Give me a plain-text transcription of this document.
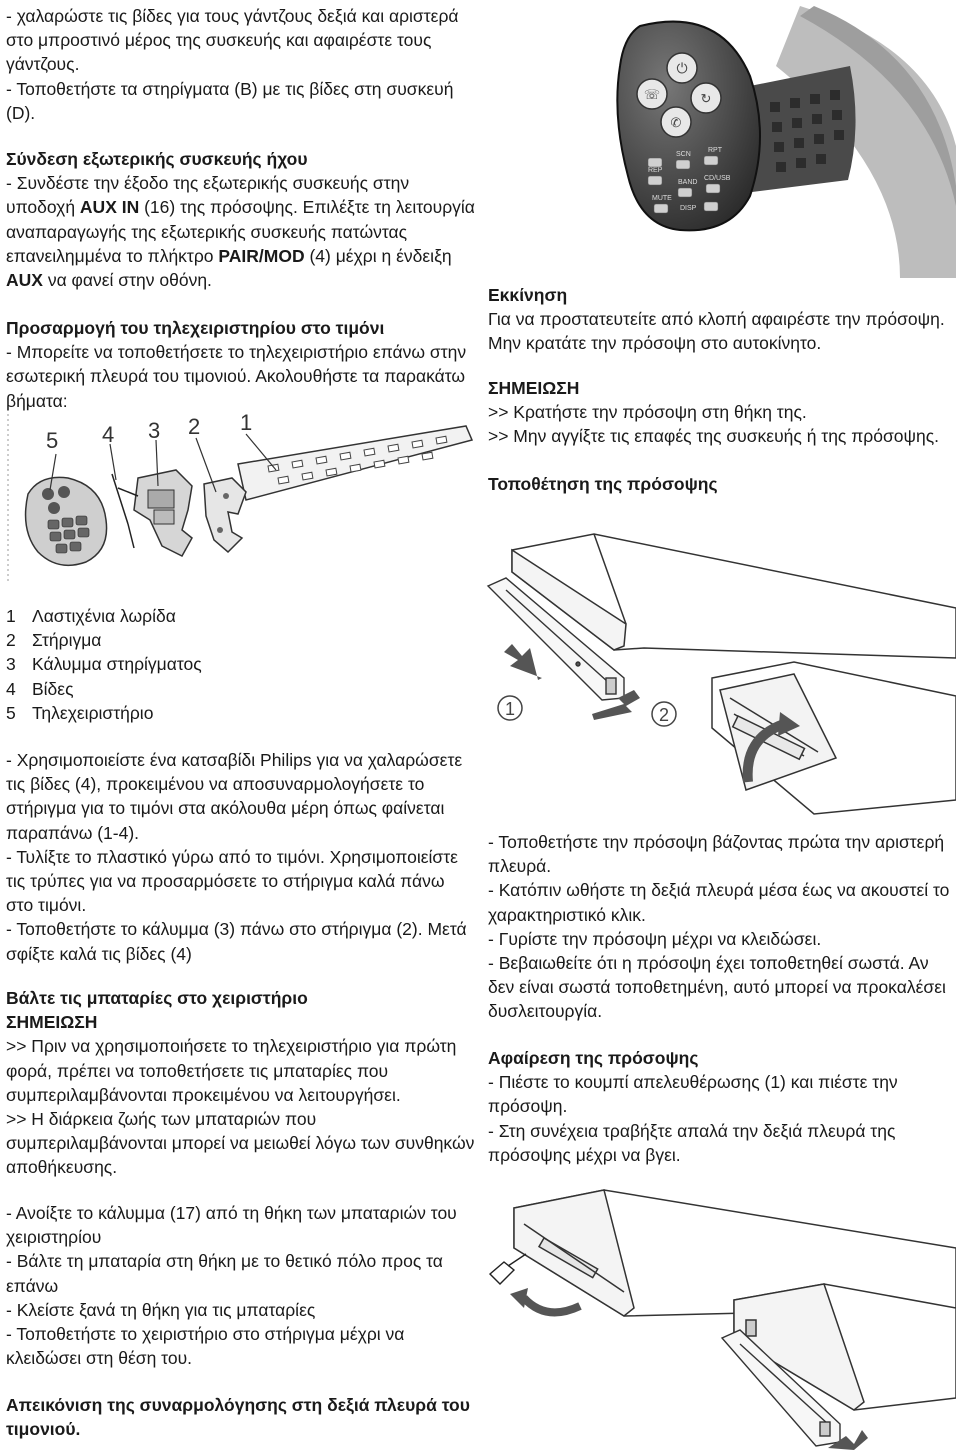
- χαλαρώστε τις βίδες για τους γάντζους δεξιά και αριστερά
στο μπροστινό μέρος της συσκευής και αφαιρέστε τους
γάντζους.
- Τοποθετήστε τα στηρίγματα (B) με τις βίδες στη συσκευή
(D).
Σύνδεση εξωτερικής συσκευής ήχου
- Συνδέστε την έξοδο της εξωτερικής συσκευής στην
υποδοχή AUX IN (16) της πρόσοψης. Επιλέξτε τη λειτουργία
αναπαραγωγής της εξωτερικής συσκευής πατώντας
επανειλημμένα το πλήκτρο PAIR/MOD (4) μέχρι η ένδειξη
AUX να φανεί στην οθόνη.
Προσαρμογή του τηλεχειριστηρίου στο τιμόνι
- Μπορείτε να τοποθετήσετε το τηλεχειριστήριο επάνω στην
εσωτερική πλευρά του τιμονιού. Ακολουθήστε τα παρακάτω
βήματα:
5 4 3 2 1
1 Λαστιχένια λωρίδα
2 Στήριγμα
3 Κάλυμμα στηρίγματος
4 Βίδες
5 Τηλεχειριστήριο
- Χρησιμοποιείστε ένα κατσαβίδι Philips για να χαλαρώσετε
τις βίδες (4), προκειμένου να αποσυναρμολογήσετε το
στήριγμα για το τιμόνι στα ακόλουθα μέρη όπως φαίνεται
παραπάνω (1-4).
- Τυλίξτε το πλαστικό γύρω από το τιμόνι. Χρησιμοποιείστε
τις τρύπες για να προσαρμόσετε το στήριγμα καλά πάνω
στο τιμόνι.
- Τοποθετήστε το κάλυμμα (3) πάνω στο στήριγμα (2). Μετά
σφίξτε καλά τις βίδες (4)
Βάλτε τις μπαταρίες στο χειριστήριο
ΣΗΜΕΙΩΣΗ
>> Πριν να χρησιμοποιήσετε το τηλεχειριστήριο για πρώτη
φορά, πρέπει να τοποθετήσετε τις μπαταρίες που
συμπεριλαμβάνονται προκειμένου να λειτουργήσει.
>> Η διάρκεια ζωής των μπαταριών που
συμπεριλαμβάνονται μπορεί να μειωθεί λόγω των συνθηκών
αποθήκευσης.
- Ανοίξτε το κάλυμμα (17) από τη θήκη των μπαταριών του
χειριστηρίου
- Βάλτε τη μπαταρία στη θήκη με το θετικό πόλο προς τα
επάνω
- Κλείστε ξανά τη θήκη για τις μπαταρίες
- Τοποθετήστε το χειριστήριο στο στήριγμα μέχρι να
κλειδώσει στη θέση του.
Απεικόνιση της συναρμολόγησης στη δεξιά πλευρά του
τιμονιού.
⏻
☏	↻
✆
SCN
RPT
REP
BAND
CD/USB
MUTE
DISP
Εκκίνηση
Για να προστατευτείτε από κλοπή αφαιρέστε την πρόσοψη.
Μην κρατάτε την πρόσοψη στο αυτοκίνητο.
ΣΗΜΕΙΩΣΗ
>> Κρατήστε την πρόσοψη στη θήκη της.
>> Μην αγγίξτε τις επαφές της συσκευής ή της πρόσοψης.
Τοποθέτηση της πρόσοψης
1	2
- Τοποθετήστε την πρόσοψη βάζοντας πρώτα την αριστερή
πλευρά.
- Κατόπιν ωθήστε τη δεξιά πλευρά μέσα έως να ακουστεί το
χαρακτηριστικό κλικ.
- Γυρίστε την πρόσοψη μέχρι να κλειδώσει.
- Βεβαιωθείτε ότι η πρόσοψη έχει τοποθετηθεί σωστά. Αν
δεν είναι σωστά τοποθετημένη, αυτό μπορεί να προκαλέσει
δυσλειτουργία.
Αφαίρεση της πρόσοψης
- Πιέστε το κουμπί απελευθέρωσης (1) και πιέστε την
πρόσοψη.
- Στη συνέχεια τραβήξτε απαλά την δεξιά πλευρά της
πρόσοψης μέχρι να βγει.
